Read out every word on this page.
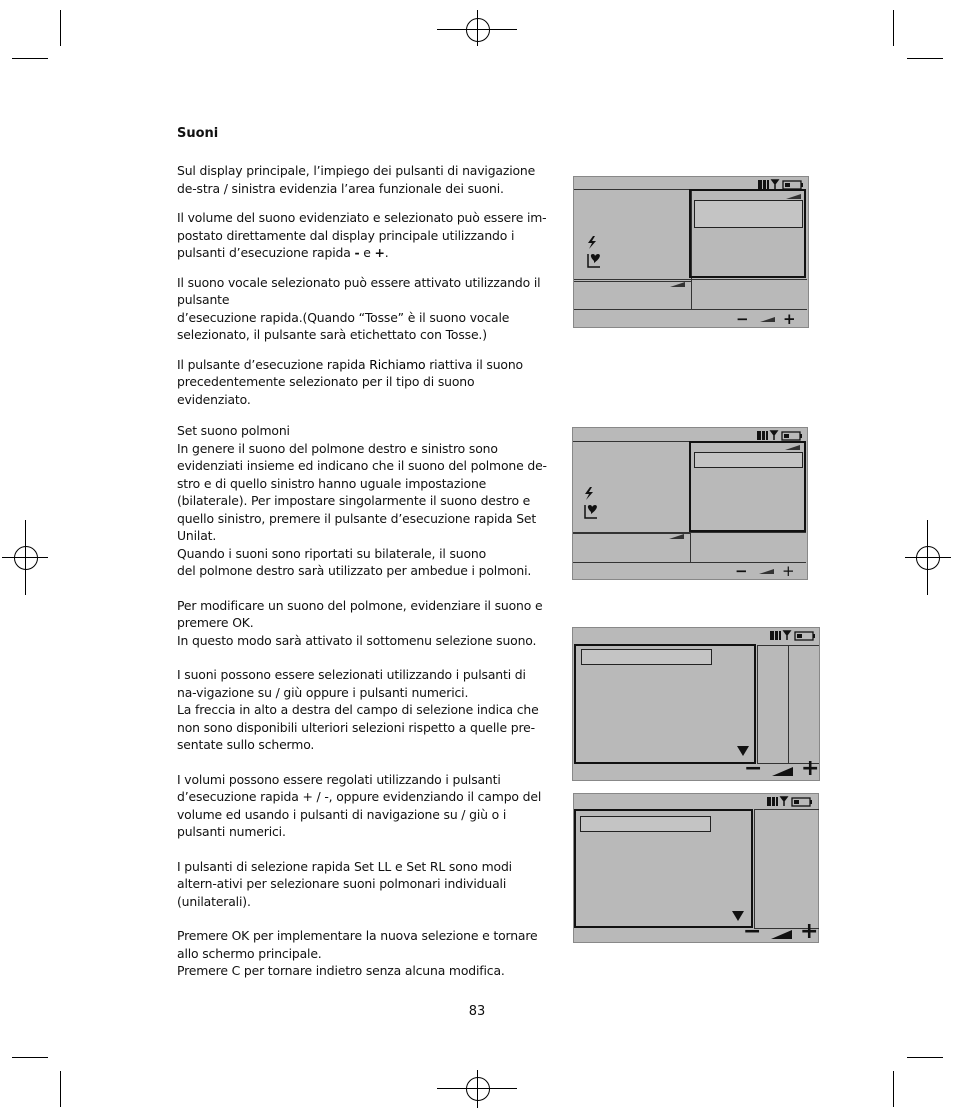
Suoni

Sul display principale, l’impiego dei pulsanti di navigazione de-stra / sinistra evidenzia l’area funzionale dei suoni.

Il volume del suono evidenziato e selezionato può essere im-postato direttamente dal display principale utilizzando i pulsanti d’esecuzione rapida - e +.

Il suono vocale selezionato può essere attivato utilizzando il pulsante
d’esecuzione rapida.(Quando “Tosse” è il suono vocale selezionato, il pulsante sarà etichettato con Tosse.)

Il pulsante d’esecuzione rapida Richiamo riattiva il suono precedentemente selezionato per il tipo di suono evidenziato.

Set suono polmoni

In genere il suono del polmone destro e sinistro sono evidenziati insieme ed indicano che il suono del polmone de-stro e di quello sinistro hanno uguale impostazione (bilaterale). Per impostare singolarmente il suono destro e quello sinistro, premere il pulsante d’esecuzione rapida Set Unilat.
Quando i suoni sono riportati su bilaterale, il suono
del polmone destro sarà utilizzato per ambedue i polmoni.

Per modificare un suono del polmone, evidenziare il suono e premere OK.
In questo modo sarà attivato il sottomenu selezione suono.

I suoni possono essere selezionati utilizzando i pulsanti di na-vigazione su / giù oppure i pulsanti numerici.
La freccia in alto a destra del campo di selezione indica che non sono disponibili ulteriori selezioni rispetto a quelle pre-sentate sullo schermo.

I volumi possono essere regolati utilizzando i pulsanti d’esecuzione rapida + / -, oppure evidenziando il campo del volume ed usando i pulsanti di navigazione su / giù o i pulsanti numerici.

I pulsanti di selezione rapida Set LL e Set RL sono modi altern-ativi per selezionare suoni polmonari individuali (unilaterali).

Premere OK per implementare la nuova selezione e tornare allo schermo principale.
Premere C per tornare indietro senza alcuna modifica.

− +
− +
− +
− +
83
